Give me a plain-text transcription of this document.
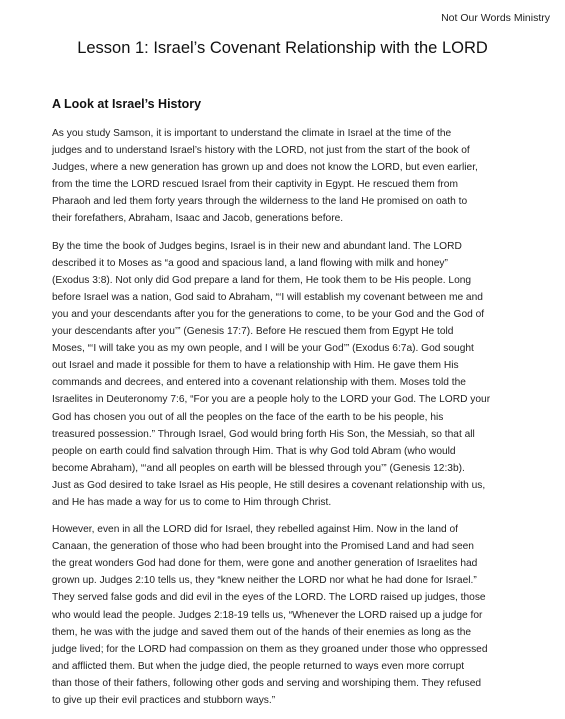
Not Our Words Ministry
Lesson 1: Israel’s Covenant Relationship with the LORD
A Look at Israel’s History
As you study Samson, it is important to understand the climate in Israel at the time of the
judges and to understand Israel’s history with the LORD, not just from the start of the book of
Judges, where a new generation has grown up and does not know the LORD, but even earlier,
from the time the LORD rescued Israel from their captivity in Egypt. He rescued them from
Pharaoh and led them forty years through the wilderness to the land He promised on oath to
their forefathers, Abraham, Isaac and Jacob, generations before.
By the time the book of Judges begins, Israel is in their new and abundant land. The LORD
described it to Moses as “a good and spacious land, a land flowing with milk and honey”
(Exodus 3:8). Not only did God prepare a land for them, He took them to be His people. Long
before Israel was a nation, God said to Abraham, “‘I will establish my covenant between me and
you and your descendants after you for the generations to come, to be your God and the God of
your descendants after you’” (Genesis 17:7). Before He rescued them from Egypt He told
Moses, “‘I will take you as my own people, and I will be your God’” (Exodus 6:7a). God sought
out Israel and made it possible for them to have a relationship with Him. He gave them His
commands and decrees, and entered into a covenant relationship with them. Moses told the
Israelites in Deuteronomy 7:6, “For you are a people holy to the LORD your God. The LORD your
God has chosen you out of all the peoples on the face of the earth to be his people, his
treasured possession.” Through Israel, God would bring forth His Son, the Messiah, so that all
people on earth could find salvation through Him. That is why God told Abram (who would
become Abraham), “‘and all peoples on earth will be blessed through you’” (Genesis 12:3b).
Just as God desired to take Israel as His people, He still desires a covenant relationship with us,
and He has made a way for us to come to Him through Christ.
However, even in all the LORD did for Israel, they rebelled against Him. Now in the land of
Canaan, the generation of those who had been brought into the Promised Land and had seen
the great wonders God had done for them, were gone and another generation of Israelites had
grown up. Judges 2:10 tells us, they “knew neither the LORD nor what he had done for Israel.”
They served false gods and did evil in the eyes of the LORD. The LORD raised up judges, those
who would lead the people. Judges 2:18-19 tells us, “Whenever the LORD raised up a judge for
them, he was with the judge and saved them out of the hands of their enemies as long as the
judge lived; for the LORD had compassion on them as they groaned under those who oppressed
and afflicted them. But when the judge died, the people returned to ways even more corrupt
than those of their fathers, following other gods and serving and worshiping them. They refused
to give up their evil practices and stubborn ways.”
